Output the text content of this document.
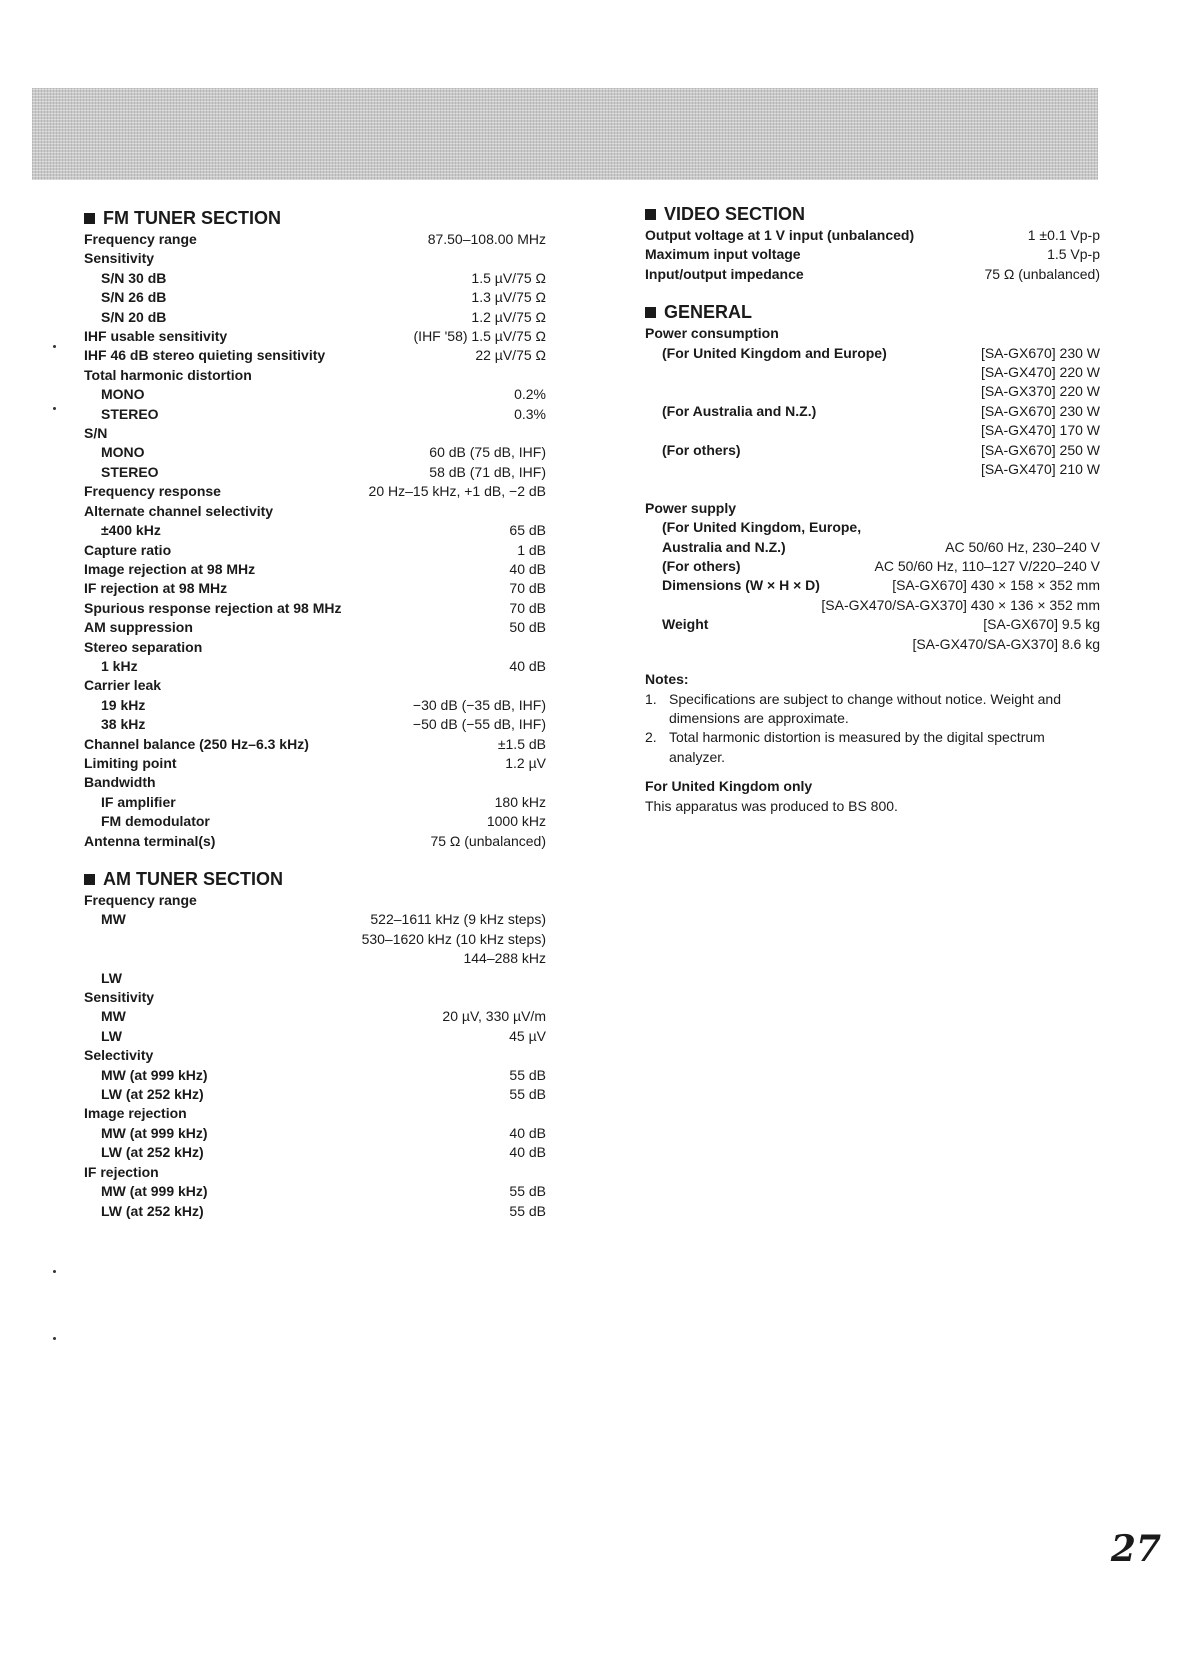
FM TUNER SECTION
Frequency range	87.50–108.00 MHz
Sensitivity
S/N 30 dB	1.5 µV/75 Ω
S/N 26 dB	1.3 µV/75 Ω
S/N 20 dB	1.2 µV/75 Ω
IHF usable sensitivity	(IHF '58) 1.5 µV/75 Ω
IHF 46 dB stereo quieting sensitivity	22 µV/75 Ω
Total harmonic distortion
MONO	0.2%
STEREO	0.3%
S/N
MONO	60 dB (75 dB, IHF)
STEREO	58 dB (71 dB, IHF)
Frequency response	20 Hz–15 kHz, +1 dB, −2 dB
Alternate channel selectivity
±400 kHz	65 dB
Capture ratio	1 dB
Image rejection at 98 MHz	40 dB
IF rejection at 98 MHz	70 dB
Spurious response rejection at 98 MHz	70 dB
AM suppression	50 dB
Stereo separation
1 kHz	40 dB
Carrier leak
19 kHz	−30 dB (−35 dB, IHF)
38 kHz	−50 dB (−55 dB, IHF)
Channel balance (250 Hz–6.3 kHz)	±1.5 dB
Limiting point	1.2 µV
Bandwidth
IF amplifier	180 kHz
FM demodulator	1000 kHz
Antenna terminal(s)	75 Ω (unbalanced)
AM TUNER SECTION
Frequency range
MW	522–1611 kHz (9 kHz steps)
530–1620 kHz (10 kHz steps)
144–288 kHz
LW
Sensitivity
MW	20 µV, 330 µV/m
LW	45 µV
Selectivity
MW (at 999 kHz)	55 dB
LW (at 252 kHz)	55 dB
Image rejection
MW (at 999 kHz)	40 dB
LW (at 252 kHz)	40 dB
IF rejection
MW (at 999 kHz)	55 dB
LW (at 252 kHz)	55 dB
VIDEO SECTION
Output voltage at 1 V input (unbalanced)	1 ±0.1 Vp-p
Maximum input voltage	1.5 Vp-p
Input/output impedance	75 Ω (unbalanced)
GENERAL
Power consumption
(For United Kingdom and Europe)	[SA-GX670] 230 W
[SA-GX470] 220 W
[SA-GX370] 220 W
(For Australia and N.Z.)	[SA-GX670] 230 W
[SA-GX470] 170 W
(For others)	[SA-GX670] 250 W
[SA-GX470] 210 W
Power supply
(For United Kingdom, Europe,
Australia and N.Z.)	AC 50/60 Hz, 230–240 V
(For others)	AC 50/60 Hz, 110–127 V/220–240 V
Dimensions (W × H × D)	[SA-GX670] 430 × 158 × 352 mm
[SA-GX470/SA-GX370] 430 × 136 × 352 mm
Weight	[SA-GX670] 9.5 kg
[SA-GX470/SA-GX370] 8.6 kg
Notes:
1. Specifications are subject to change without notice. Weight and dimensions are approximate.
2. Total harmonic distortion is measured by the digital spectrum analyzer.
For United Kingdom only
This apparatus was produced to BS 800.
27
